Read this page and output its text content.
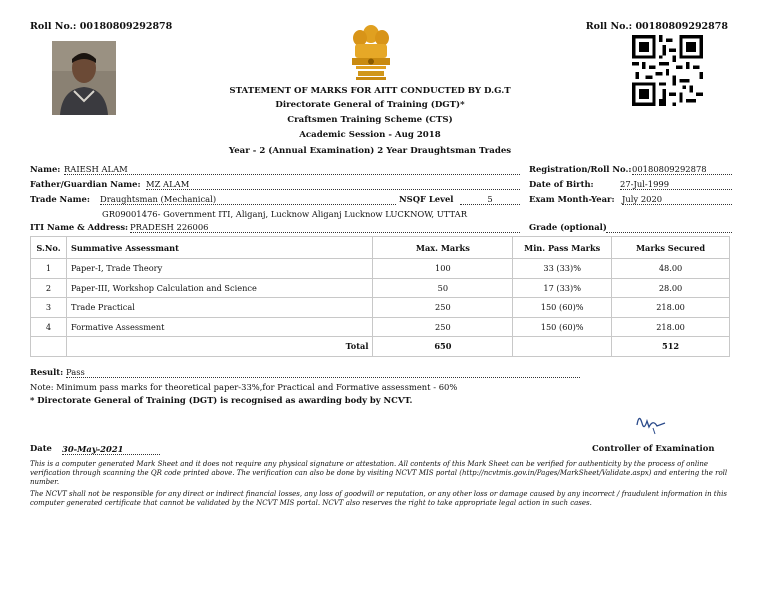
Roll No.: 00180809292878	Roll No.: 00180809292878
STATEMENT OF MARKS FOR AITT CONDUCTED BY D.G.T
Directorate General of Training (DGT)*
Craftsmen Training Scheme (CTS)
Academic Session - Aug 2018
Year - 2 (Annual Examination) 2 Year Draughtsman Trades
Name: RAIESH ALAM
Father/Guardian Name: MZ ALAM
Trade Name: Draughtsman (Mechanical)	NSQF Level	5
GR09001476- Government ITI, Aliganj, Lucknow Aliganj Lucknow LUCKNOW, UTTAR
ITI Name & Address: PRADESH 226006
Registration/Roll No.: 00180809292878
Date of Birth:	27-Jul-1999
Exam Month-Year: July 2020
Grade (optional)
S.No.	Summative Assessmant	Max. Marks	Min. Pass Marks	Marks Secured
1	Paper-I, Trade Theory	100	33 (33)%	48.00
2	Paper-III, Workshop Calculation and Science	50	17 (33)%	28.00
3	Trade Practical	250	150 (60)%	218.00
4	Formative Assessment	250	150 (60)%	218.00
	Total	650		512
Result: Pass
Note: Minimum pass marks for theoretical paper-33%,for Practical and Formative assessment - 60%
* Directorate General of Training (DGT) is recognised as awarding body by NCVT.
Controller of Examination
Date 30-May-2021
This is a computer generated Mark Sheet and it does not require any physical signature or attestation. All contents of this Mark Sheet can be verified for authenticity by the process of online verification through scanning the QR code printed above. The verification can also be done by visiting NCVT MIS portal (http://ncvtmis.gov.in/Pages/MarkSheet/Validate.aspx) and entering the roll number.
The NCVT shall not be responsible for any direct or indirect financial losses, any loss of goodwill or reputation, or any other loss or damage caused by any incorrect / fraudulent information in this computer generated certificate that cannot be validated by the NCVT MIS portal. NCVT also reserves the right to take appropriate legal action in such cases.
